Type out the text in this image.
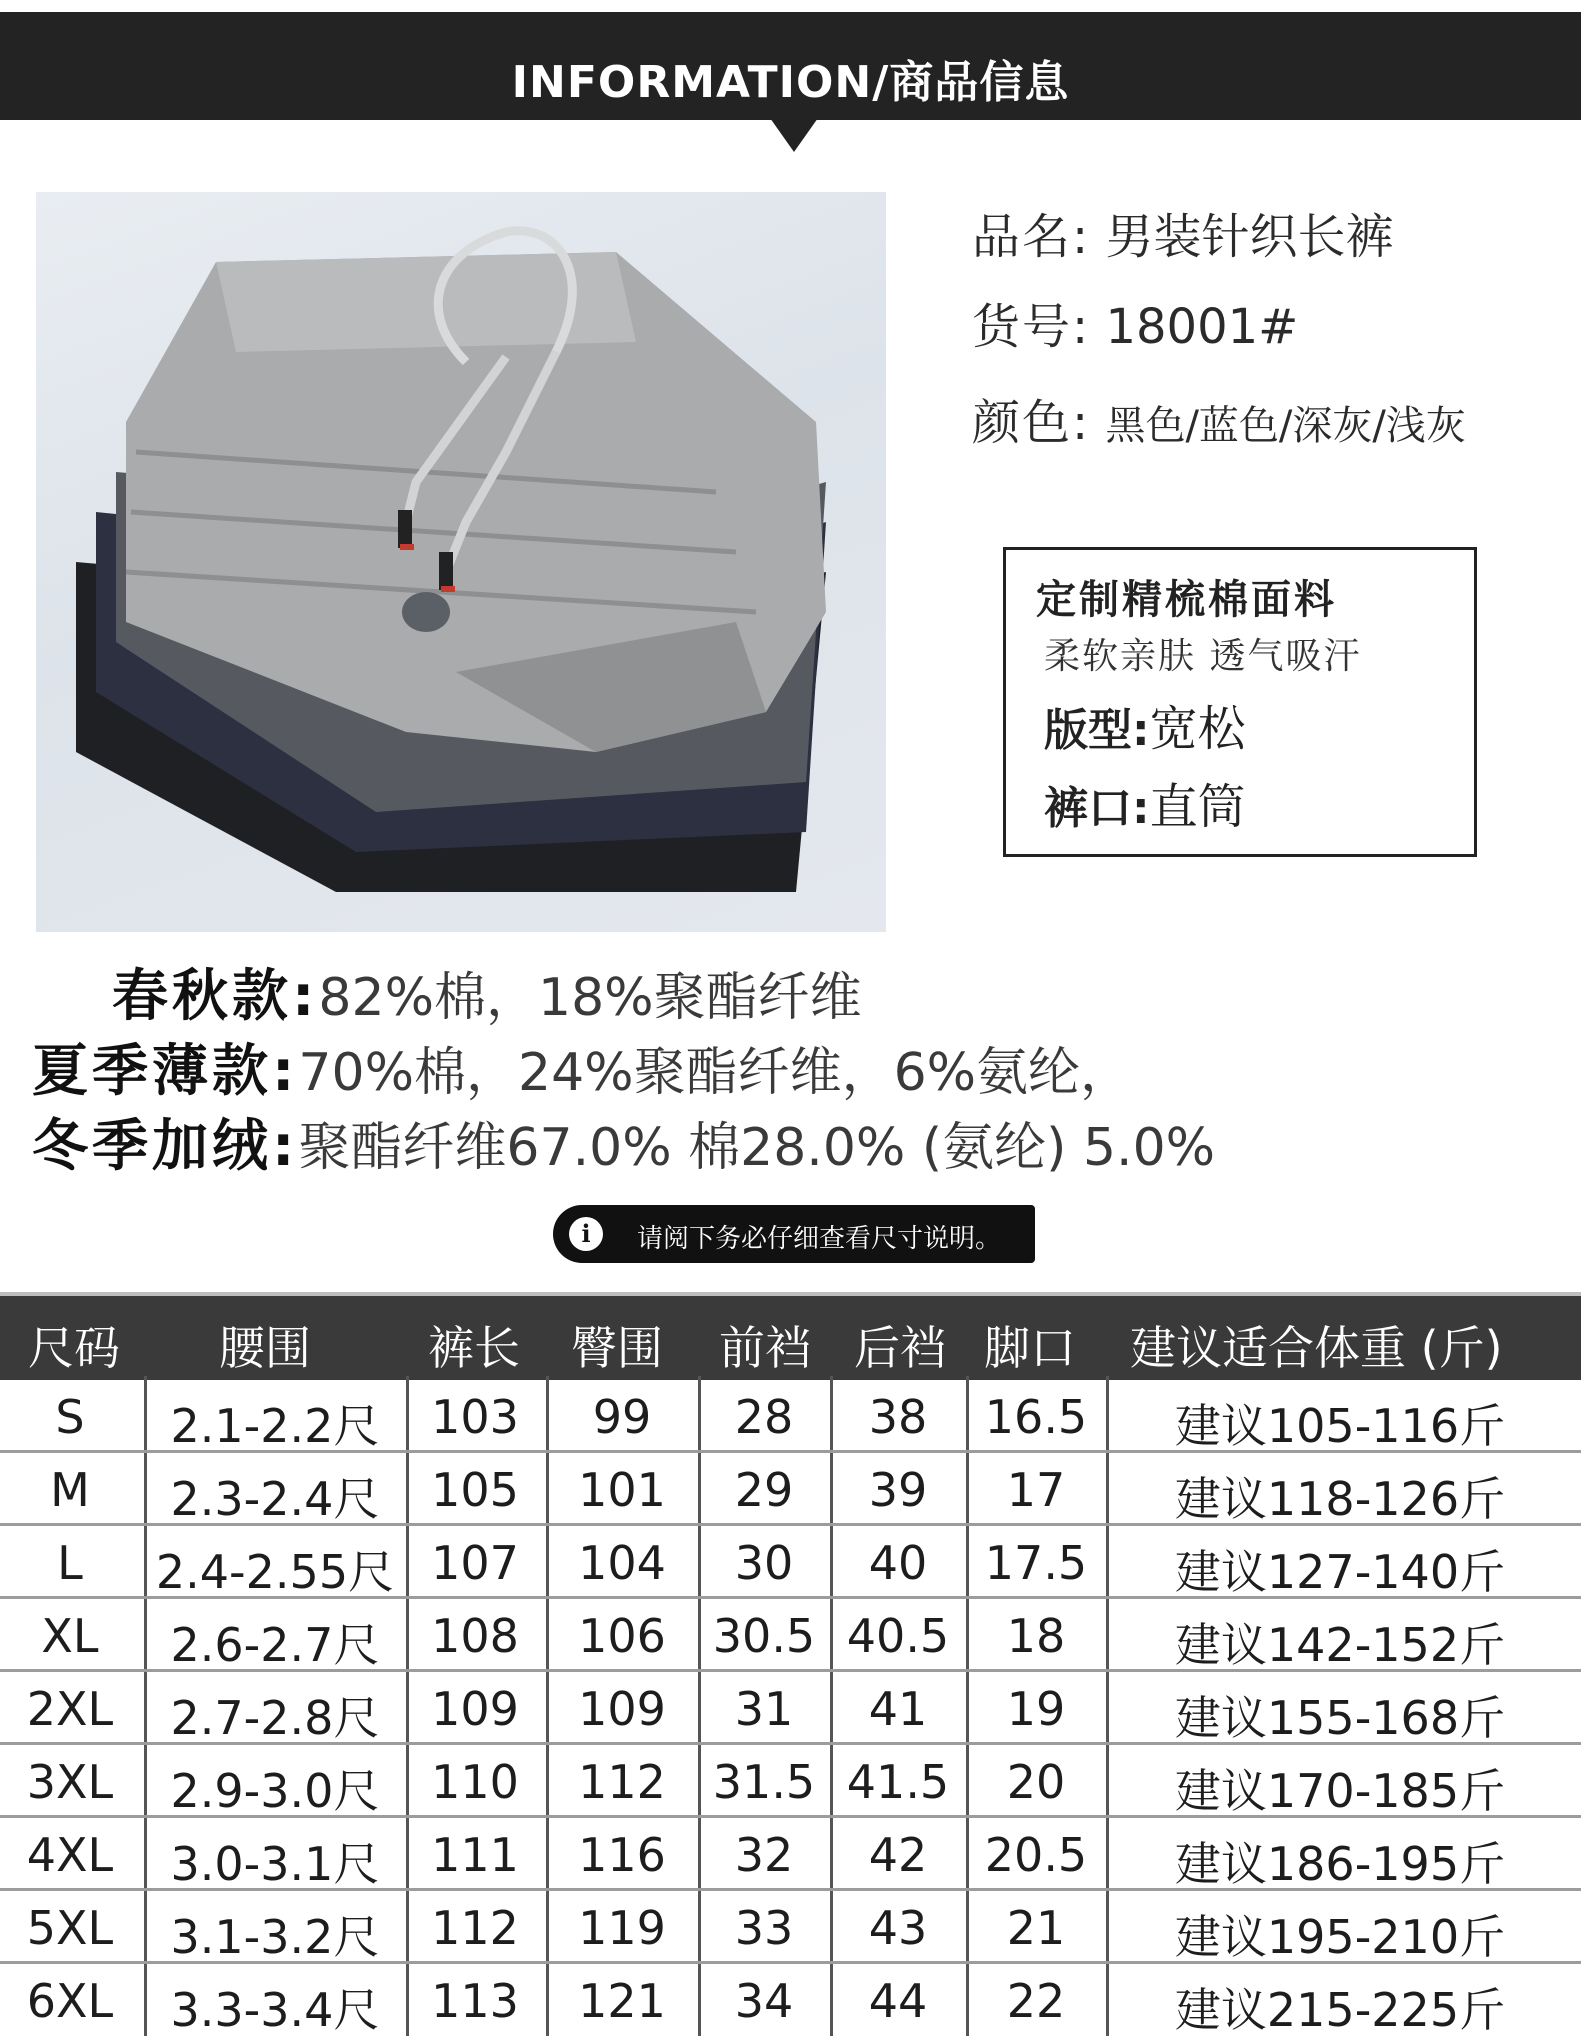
INFORMATION/商品信息
品名: 男装针织长裤
货号: 18001#
颜色: 黑色/蓝色/深灰/浅灰
定制精梳棉面料
柔软亲肤 透气吸汗
版型:宽松
裤口:直筒
春秋款:82%棉，18%聚酯纤维
夏季薄款:70%棉，24%聚酯纤维，6%氨纶，
冬季加绒:聚酯纤维67.0% 棉28.0% (氨纶) 5.0%
i	请阅下务必仔细查看尺寸说明。
尺码	腰围	裤长	臀围	前裆 后裆 脚口	建议适合体重 (斤)
S	2.1-2.2尺	103	99	28	38	16.5	建议105-116斤
M	2.3-2.4尺	105	101	29	39	17	建议118-126斤
L	2.4-2.55尺 107	104	30	40	17.5	建议127-140斤
XL	2.6-2.7尺	108	106	30.5 40.5	18	建议142-152斤
2XL	2.7-2.8尺	109	109	31	41	19	建议155-168斤
3XL	2.9-3.0尺	110	112	31.5 41.5	20	建议170-185斤
4XL	3.0-3.1尺	111	116	32	42	20.5	建议186-195斤
5XL	3.1-3.2尺	112	119	33	43	21	建议195-210斤
6XL	3.3-3.4尺	113	121	34	44	22	建议215-225斤
